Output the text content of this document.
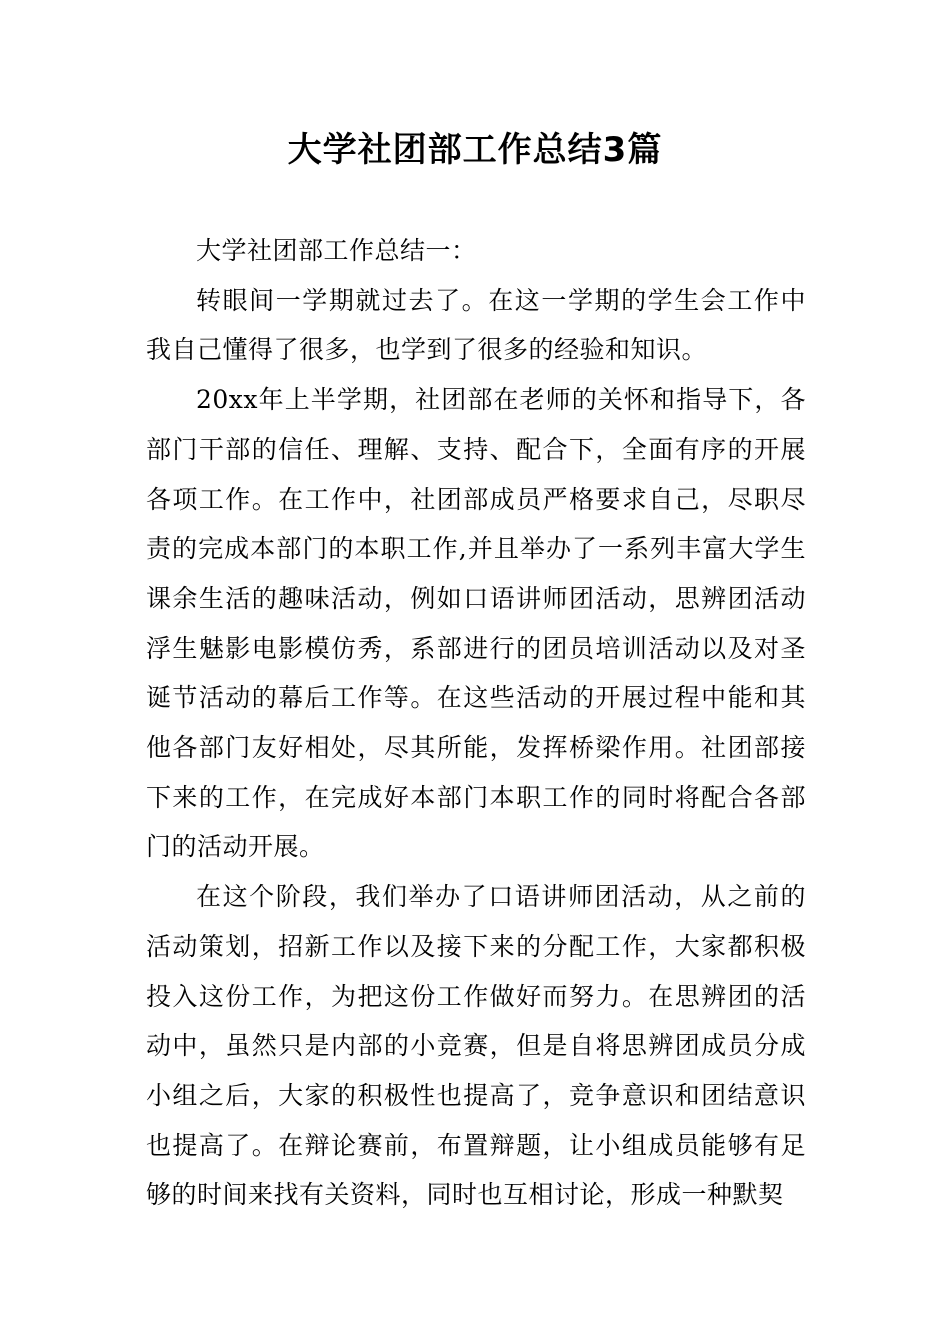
大学社团部工作总结3篇

大学社团部工作总结一：

转眼间一学期就过去了。在这一学期的学生会工作中我自己懂得了很多，也学到了很多的经验和知识。

20xx年上半学期，社团部在老师的关怀和指导下，各部门干部的信任、理解、支持、配合下，全面有序的开展各项工作。在工作中，社团部成员严格要求自己，尽职尽责的完成本部门的本职工作,并且举办了一系列丰富大学生课余生活的趣味活动，例如口语讲师团活动，思辨团活动浮生魅影电影模仿秀，系部进行的团员培训活动以及对圣诞节活动的幕后工作等。在这些活动的开展过程中能和其他各部门友好相处，尽其所能，发挥桥梁作用。社团部接下来的工作，在完成好本部门本职工作的同时将配合各部门的活动开展。

在这个阶段，我们举办了口语讲师团活动，从之前的活动策划，招新工作以及接下来的分配工作，大家都积极投入这份工作，为把这份工作做好而努力。在思辨团的活动中，虽然只是内部的小竞赛，但是自将思辨团成员分成小组之后，大家的积极性也提高了，竞争意识和团结意识也提高了。在辩论赛前，布置辩题，让小组成员能够有足够的时间来找有关资料，同时也互相讨论，形成一种默契
